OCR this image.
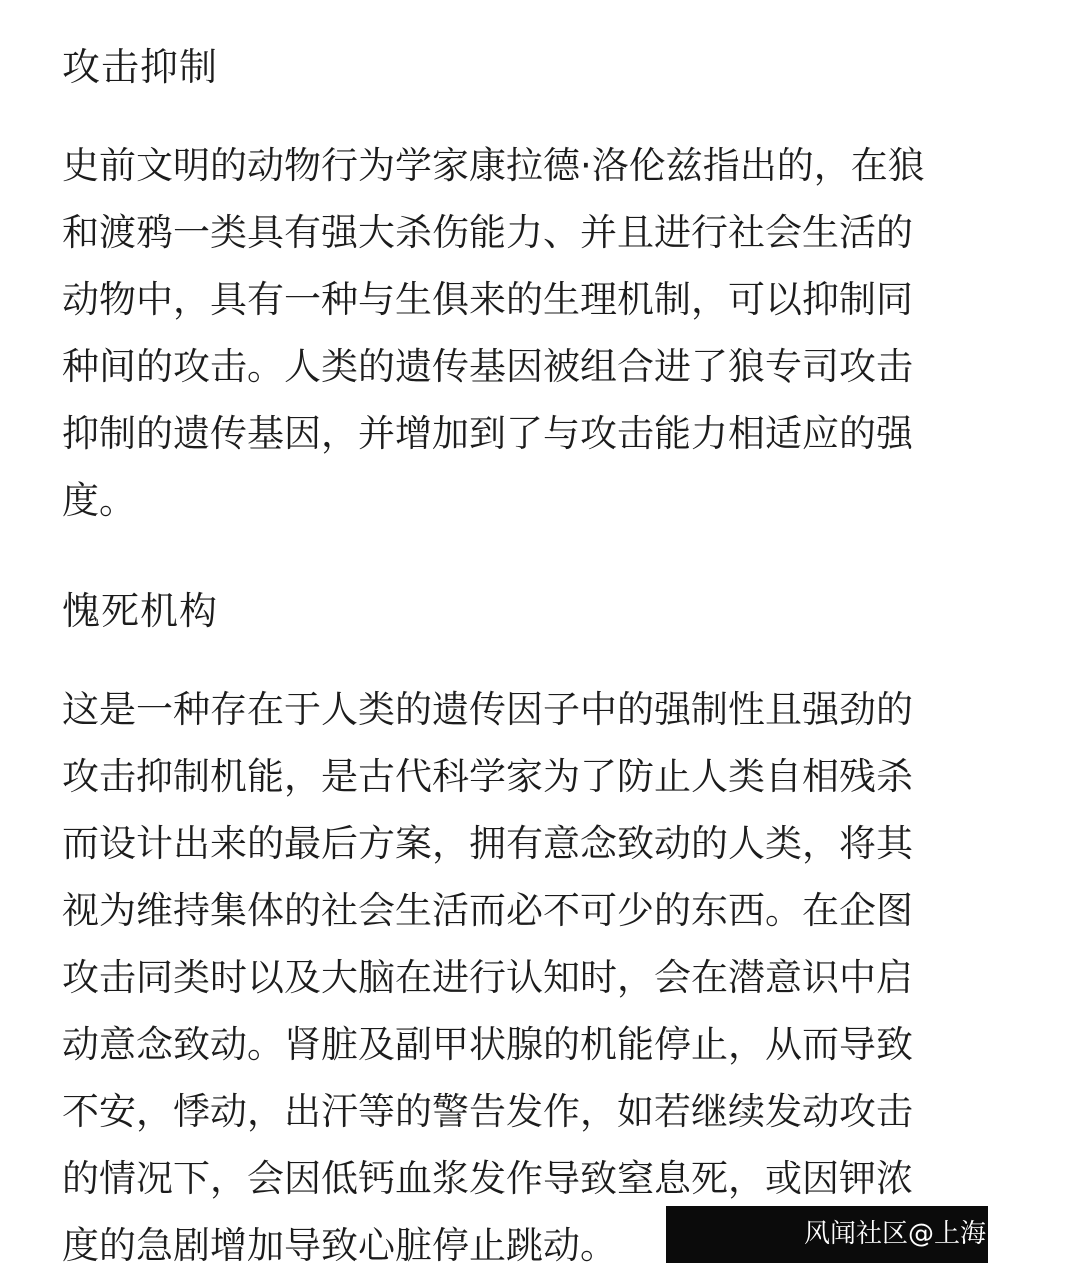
攻击抑制
史前文明的动物行为学家康拉德·洛伦兹指出的，在狼
和渡鸦一类具有强大杀伤能力、并且进行社会生活的
动物中，具有一种与生俱来的生理机制，可以抑制同
种间的攻击。人类的遗传基因被组合进了狼专司攻击
抑制的遗传基因，并增加到了与攻击能力相适应的强
度。
愧死机构
这是一种存在于人类的遗传因子中的强制性且强劲的
攻击抑制机能，是古代科学家为了防止人类自相残杀
而设计出来的最后方案，拥有意念致动的人类，将其
视为维持集体的社会生活而必不可少的东西。在企图
攻击同类时以及大脑在进行认知时，会在潜意识中启
动意念致动。肾脏及副甲状腺的机能停止，从而导致
不安，悸动，出汗等的警告发作，如若继续发动攻击
的情况下，会因低钙血浆发作导致窒息死，或因钾浓
度的急剧增加导致心脏停止跳动。	风闻社区@上海
